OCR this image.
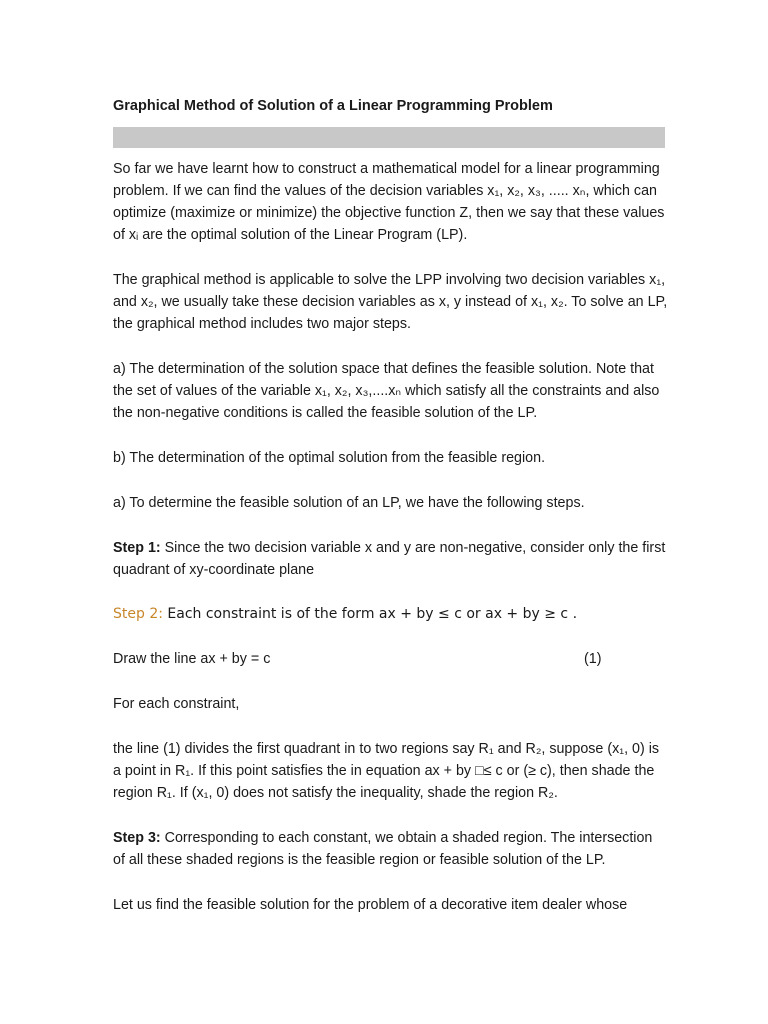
Graphical Method of Solution of a Linear Programming Problem

So far we have learnt how to construct a mathematical model for a linear programming problem. If we can find the values of the decision variables x₁, x₂, x₃, ..... xₙ, which can optimize (maximize or minimize) the objective function Z, then we say that these values of xᵢ are the optimal solution of the Linear Program (LP).

The graphical method is applicable to solve the LPP involving two decision variables x₁, and x₂, we usually take these decision variables as x, y instead of x₁, x₂. To solve an LP, the graphical method includes two major steps.

a) The determination of the solution space that defines the feasible solution. Note that the set of values of the variable x₁, x₂, x₃,....xₙ which satisfy all the constraints and also the non-negative conditions is called the feasible solution of the LP.

b) The determination of the optimal solution from the feasible region.

a) To determine the feasible solution of an LP, we have the following steps.

Step 1: Since the two decision variable x and y are non-negative, consider only the first quadrant of xy-coordinate plane

Step 2: Each constraint is of the form ax + by ≤ c or ax + by ≥ c .

Draw the line ax + by = c	(1)

For each constraint,

the line (1) divides the first quadrant in to two regions say R₁ and R₂, suppose (x₁, 0) is a point in R₁. If this point satisfies the in equation ax + by □≤ c or (≥ c), then shade the region R₁. If (x₁, 0) does not satisfy the inequality, shade the region R₂.

Step 3: Corresponding to each constant, we obtain a shaded region. The intersection of all these shaded regions is the feasible region or feasible solution of the LP.

Let us find the feasible solution for the problem of a decorative item dealer whose
